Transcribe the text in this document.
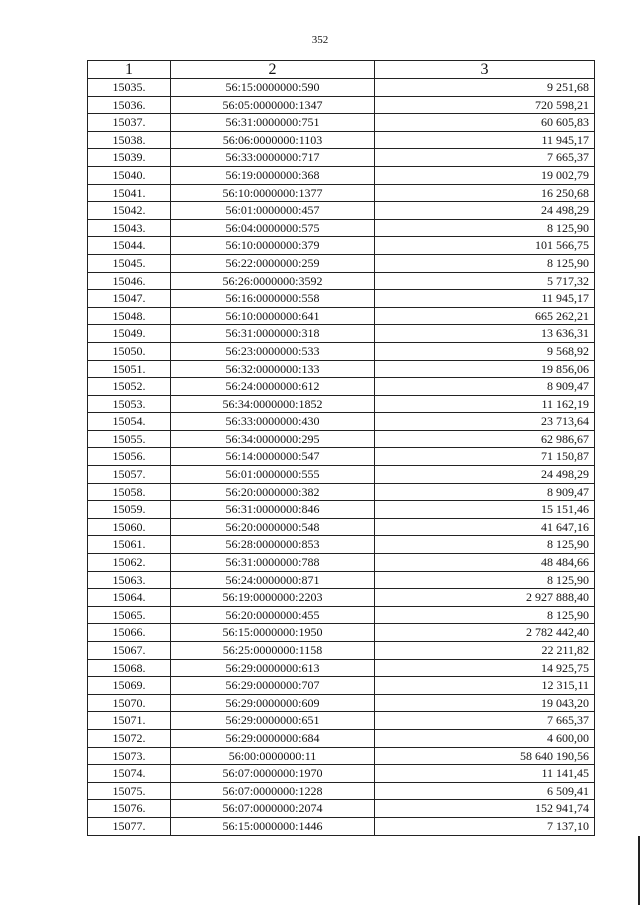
352
1	2	3
15035.	56:15:0000000:590	9 251,68
15036.	56:05:0000000:1347	720 598,21
15037.	56:31:0000000:751	60 605,83
15038.	56:06:0000000:1103	11 945,17
15039.	56:33:0000000:717	7 665,37
15040.	56:19:0000000:368	19 002,79
15041.	56:10:0000000:1377	16 250,68
15042.	56:01:0000000:457	24 498,29
15043.	56:04:0000000:575	8 125,90
15044.	56:10:0000000:379	101 566,75
15045.	56:22:0000000:259	8 125,90
15046.	56:26:0000000:3592	5 717,32
15047.	56:16:0000000:558	11 945,17
15048.	56:10:0000000:641	665 262,21
15049.	56:31:0000000:318	13 636,31
15050.	56:23:0000000:533	9 568,92
15051.	56:32:0000000:133	19 856,06
15052.	56:24:0000000:612	8 909,47
15053.	56:34:0000000:1852	11 162,19
15054.	56:33:0000000:430	23 713,64
15055.	56:34:0000000:295	62 986,67
15056.	56:14:0000000:547	71 150,87
15057.	56:01:0000000:555	24 498,29
15058.	56:20:0000000:382	8 909,47
15059.	56:31:0000000:846	15 151,46
15060.	56:20:0000000:548	41 647,16
15061.	56:28:0000000:853	8 125,90
15062.	56:31:0000000:788	48 484,66
15063.	56:24:0000000:871	8 125,90
15064.	56:19:0000000:2203	2 927 888,40
15065.	56:20:0000000:455	8 125,90
15066.	56:15:0000000:1950	2 782 442,40
15067.	56:25:0000000:1158	22 211,82
15068.	56:29:0000000:613	14 925,75
15069.	56:29:0000000:707	12 315,11
15070.	56:29:0000000:609	19 043,20
15071.	56:29:0000000:651	7 665,37
15072.	56:29:0000000:684	4 600,00
15073.	56:00:0000000:11	58 640 190,56
15074.	56:07:0000000:1970	11 141,45
15075.	56:07:0000000:1228	6 509,41
15076.	56:07:0000000:2074	152 941,74
15077.	56:15:0000000:1446	7 137,10
